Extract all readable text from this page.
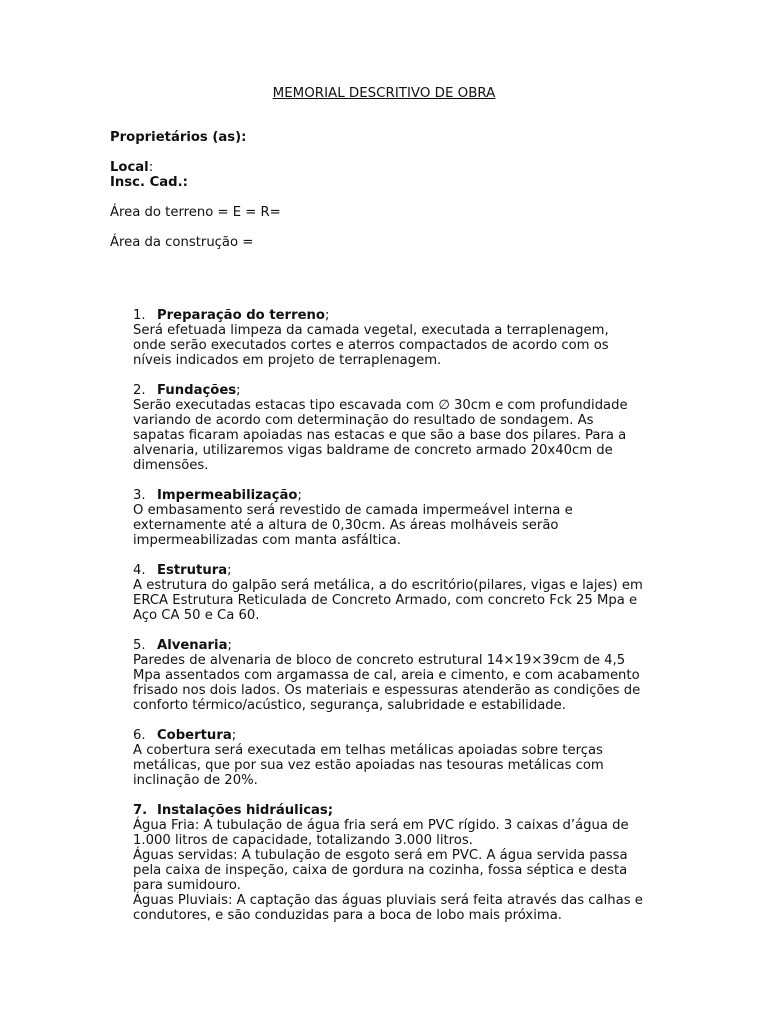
MEMORIAL DESCRITIVO DE OBRA
Proprietários (as):
Local:
Insc. Cad.:
Área do terreno = E = R=
Área da construção =
1. Preparação do terreno;
Será efetuada limpeza da camada vegetal, executada a terraplenagem,
onde serão executados cortes e aterros compactados de acordo com os
níveis indicados em projeto de terraplenagem.
2. Fundações;
Serão executadas estacas tipo escavada com ∅ 30cm e com profundidade
variando de acordo com determinação do resultado de sondagem. As
sapatas ficaram apoiadas nas estacas e que são a base dos pilares. Para a
alvenaria, utilizaremos vigas baldrame de concreto armado 20x40cm de
dimensões.
3. Impermeabilização;
O embasamento será revestido de camada impermeável interna e
externamente até a altura de 0,30cm. As áreas molháveis serão
impermeabilizadas com manta asfáltica.
4. Estrutura;
A estrutura do galpão será metálica, a do escritório(pilares, vigas e lajes) em
ERCA Estrutura Reticulada de Concreto Armado, com concreto Fck 25 Mpa e
Aço CA 50 e Ca 60.
5. Alvenaria;
Paredes de alvenaria de bloco de concreto estrutural 14×19×39cm de 4,5
Mpa assentados com argamassa de cal, areia e cimento, e com acabamento
frisado nos dois lados. Os materiais e espessuras atenderão as condições de
conforto térmico/acústico, segurança, salubridade e estabilidade.
6. Cobertura;
A cobertura será executada em telhas metálicas apoiadas sobre terças
metálicas, que por sua vez estão apoiadas nas tesouras metálicas com
inclinação de 20%.
7. Instalações hidráulicas;
Água Fria: A tubulação de água fria será em PVC rígido. 3 caixas d’água de
1.000 litros de capacidade, totalizando 3.000 litros.
Águas servidas: A tubulação de esgoto será em PVC. A água servida passa
pela caixa de inspeção, caixa de gordura na cozinha, fossa séptica e desta
para sumidouro.
Águas Pluviais: A captação das águas pluviais será feita através das calhas e
condutores, e são conduzidas para a boca de lobo mais próxima.
